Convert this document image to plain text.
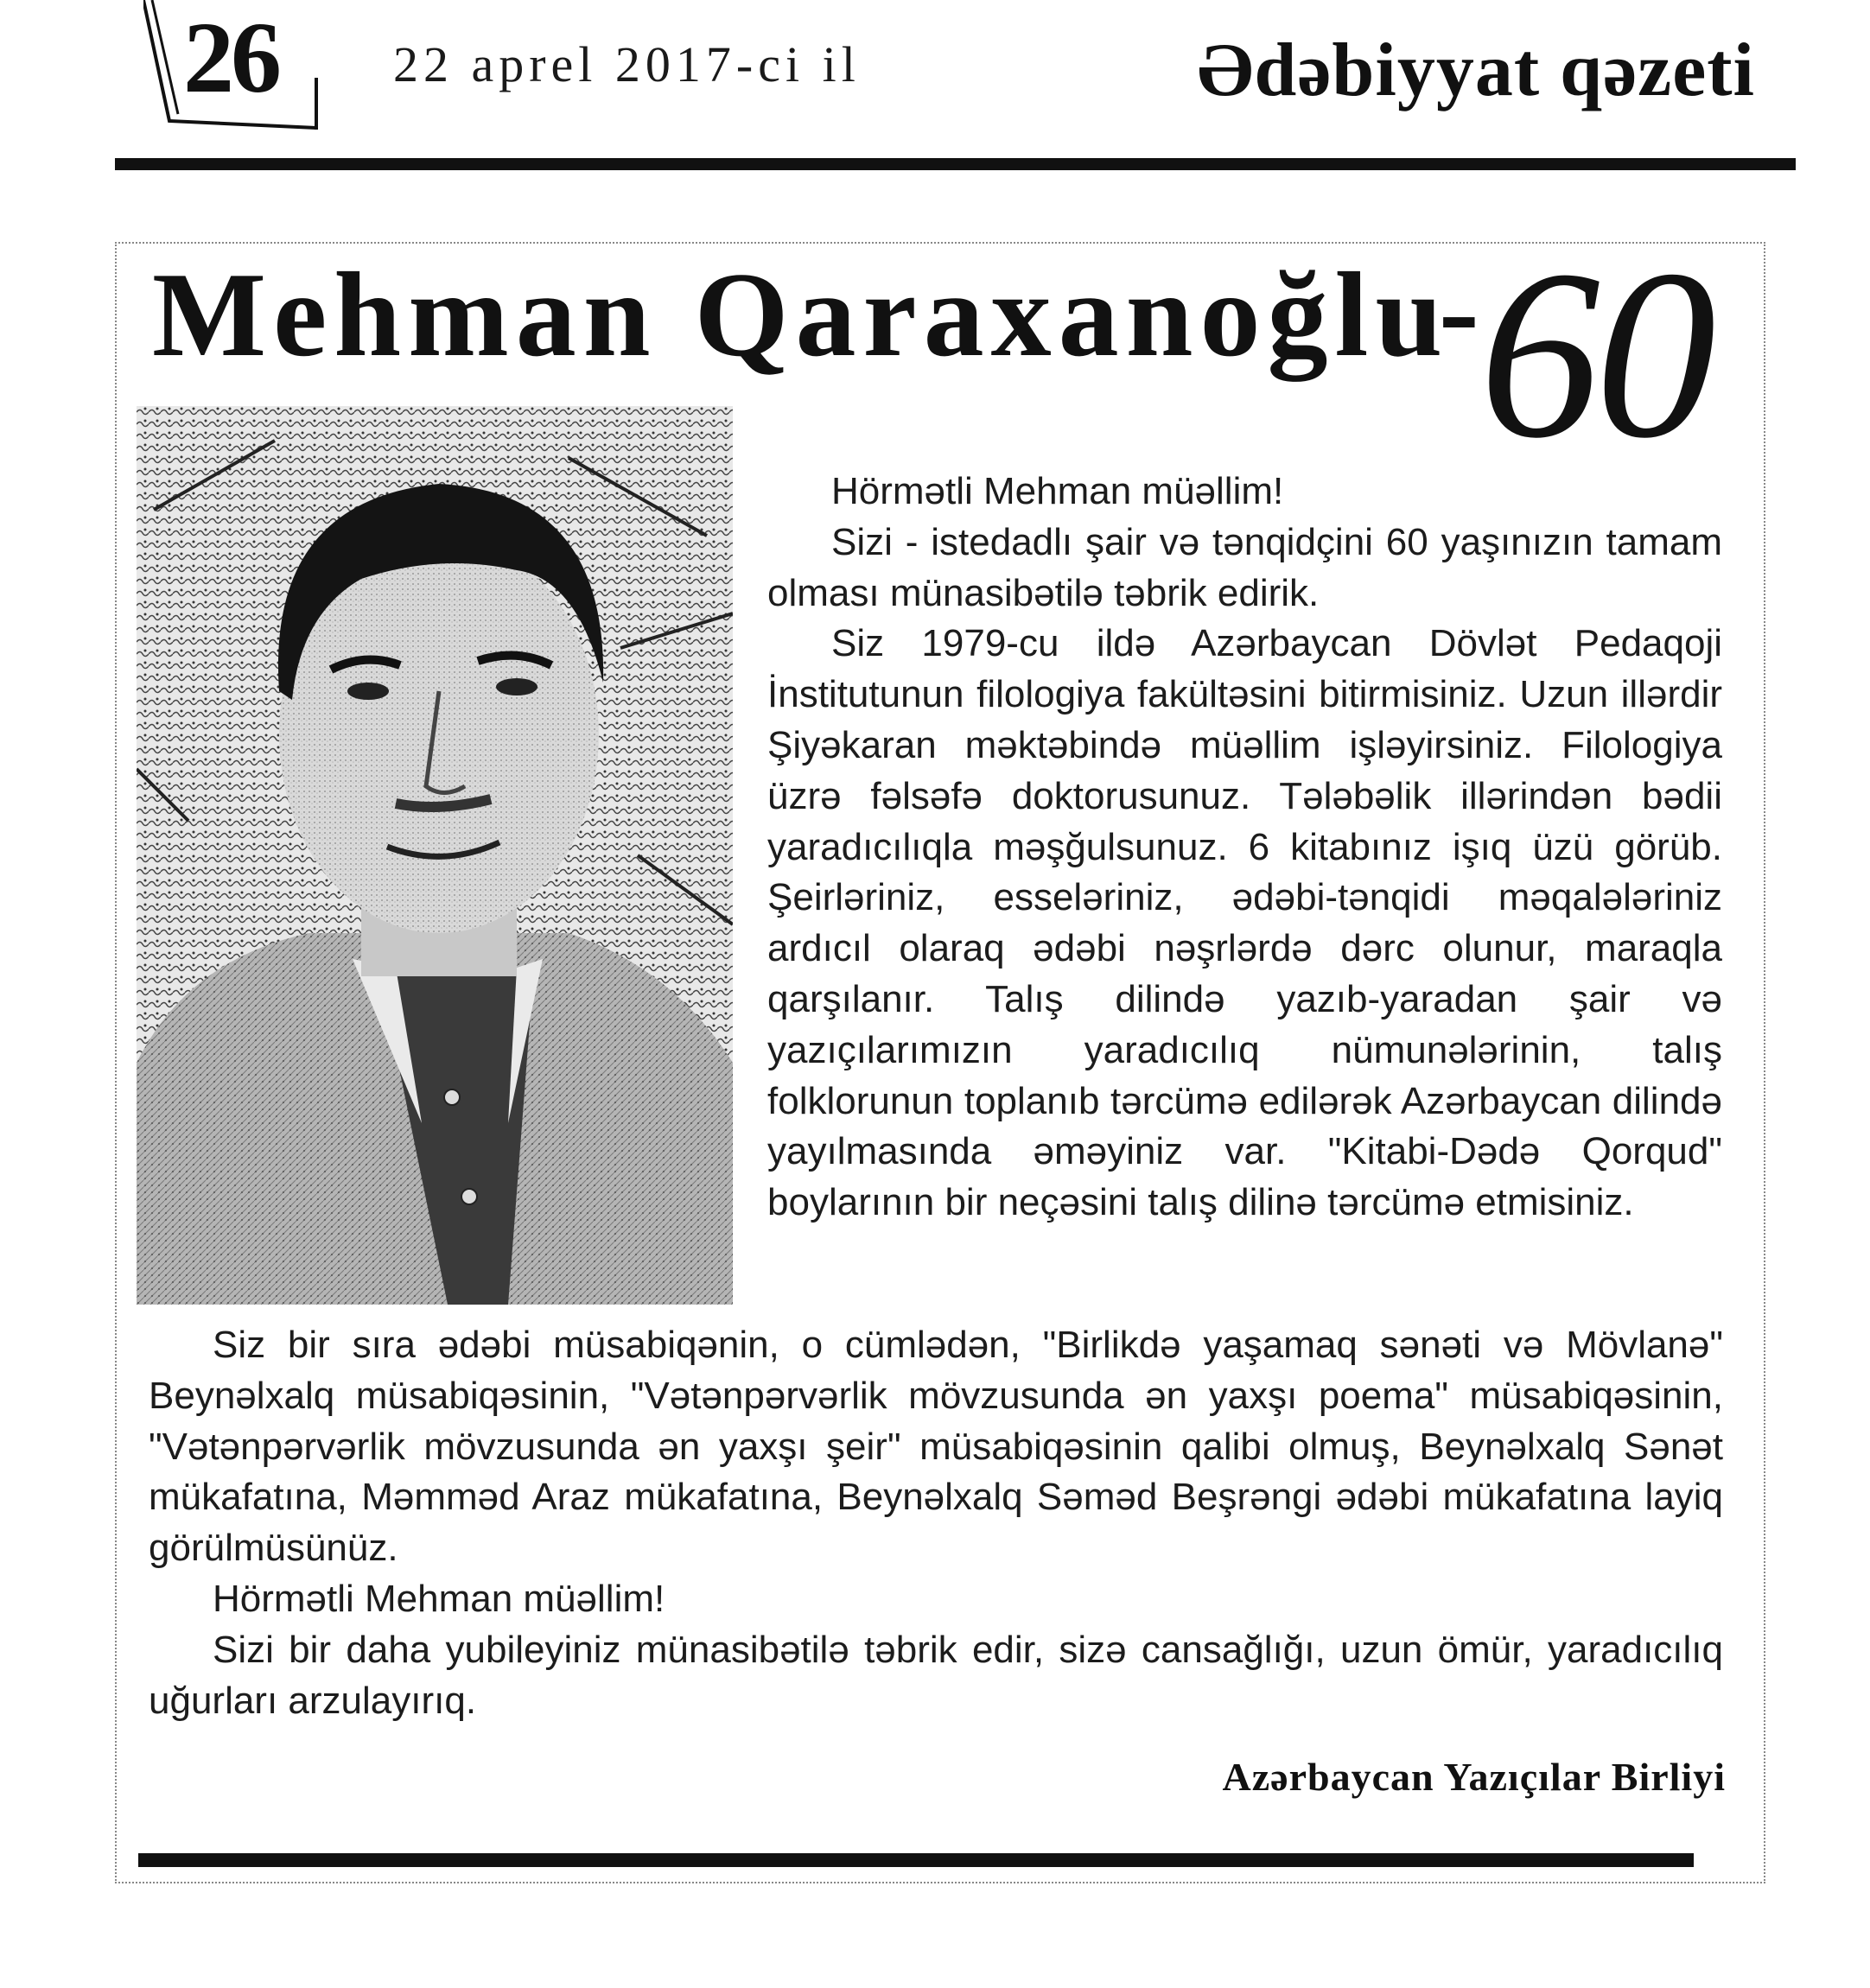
26 22 aprel 2017-ci il	Ədəbiyyat qəzeti
Mehman Qaraxanoğlu
- 60

Hörmətli Mehman müəllim!

Sizi - istedadlı şair və tənqidçini 60 yaşınızın tamam olması münasibətilə təbrik edirik.

Siz 1979-cu ildə Azərbaycan Dövlət Pedaqoji İnstitutunun filologiya fakültəsini bitirmisiniz. Uzun illərdir Şiyəkaran məktəbində müəllim işləyirsiniz. Filologiya üzrə fəlsəfə doktorusunuz. Tələbəlik illərindən bədii yaradıcılıqla məşğulsunuz. 6 kitabınız işıq üzü görüb. Şeirləriniz, esseləriniz, ədəbi-tənqidi məqalələriniz ardıcıl olaraq ədəbi nəşrlərdə dərc olunur, maraqla qarşılanır. Talış dilində yazıb-yaradan şair və yazıçılarımızın yaradıcılıq nümunələrinin, talış folklorunun toplanıb tərcümə edilərək Azərbaycan dilində yayılmasında əməyiniz var. "Kitabi-Dədə Qorqud" boylarının bir neçəsini talış dilinə tərcümə etmisiniz.

Siz bir sıra ədəbi müsabiqənin, o cümlədən, "Birlikdə yaşamaq sənəti və Mövlanə" Beynəlxalq müsabiqəsinin, "Vətənpərvərlik mövzusunda ən yaxşı poema" müsabiqəsinin, "Vətənpərvərlik mövzusunda ən yaxşı şeir" müsabiqəsinin qalibi olmuş, Beynəlxalq Sənət mükafatına, Məmməd Araz mükafatına, Beynəlxalq Səməd Beşrəngi ədəbi mükafatına layiq görülmüsünüz.

Hörmətli Mehman müəllim!

Sizi bir daha yubileyiniz münasibətilə təbrik edir, sizə cansağlığı, uzun ömür, yaradıcılıq uğurları arzulayırıq.

Azərbaycan Yazıçılar Birliyi
